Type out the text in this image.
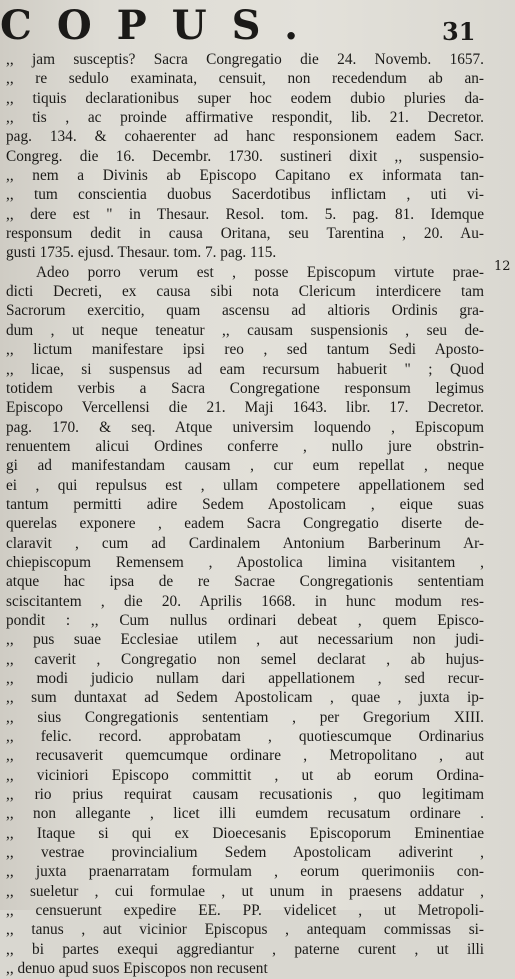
COPUS.	31
12
,, jam susceptis? Sacra Congregatio die 24. Novemb. 1657.
,, re sedulo examinata, censuit, non recedendum ab an-
,, tiquis declarationibus super hoc eodem dubio pluries da-
,, tis , ac proinde affirmative respondit, lib. 21. Decretor.
pag. 134. & cohaerenter ad hanc responsionem eadem Sacr.
Congreg. die 16. Decembr. 1730. sustineri dixit ,, suspensio-
,, nem a Divinis ab Episcopo Capitano ex informata tan-
,, tum conscientia duobus Sacerdotibus inflictam , uti vi-
,, dere est " in Thesaur. Resol. tom. 5. pag. 81. Idemque
responsum dedit in causa Oritana, seu Tarentina , 20. Au-
gusti 1735. ejusd. Thesaur. tom. 7. pag. 115.
Adeo porro verum est , posse Episcopum virtute prae-
dicti Decreti, ex causa sibi nota Clericum interdicere tam
Sacrorum exercitio, quam ascensu ad altioris Ordinis gra-
dum , ut neque teneatur ,, causam suspensionis , seu de-
,, lictum manifestare ipsi reo , sed tantum Sedi Aposto-
,, licae, si suspensus ad eam recursum habuerit " ; Quod
totidem verbis a Sacra Congregatione responsum legimus
Episcopo Vercellensi die 21. Maji 1643. libr. 17. Decretor.
pag. 170. & seq. Atque universim loquendo , Episcopum
renuentem alicui Ordines conferre , nullo jure obstrin-
gi ad manifestandam causam , cur eum repellat , neque
ei , qui repulsus est , ullam competere appellationem sed
tantum permitti adire Sedem Apostolicam , eique suas
querelas exponere , eadem Sacra Congregatio diserte de-
claravit , cum ad Cardinalem Antonium Barberinum Ar-
chiepiscopum Remensem , Apostolica limina visitantem ,
atque hac ipsa de re Sacrae Congregationis sententiam
sciscitantem , die 20. Aprilis 1668. in hunc modum res-
pondit : ,, Cum nullus ordinari debeat , quem Episco-
,, pus suae Ecclesiae utilem , aut necessarium non judi-
,, caverit , Congregatio non semel declarat , ab hujus-
,, modi judicio nullam dari appellationem , sed recur-
,, sum duntaxat ad Sedem Apostolicam , quae , juxta ip-
,, sius Congregationis sententiam , per Gregorium XIII.
,, felic. record. approbatam , quotiescumque Ordinarius
,, recusaverit quemcumque ordinare , Metropolitano , aut
,, viciniori Episcopo committit , ut ab eorum Ordina-
,, rio prius requirat causam recusationis , quo legitimam
,, non allegante , licet illi eumdem recusatum ordinare .
,, Itaque si qui ex Dioecesanis Episcoporum Eminentiae
,, vestrae provincialium Sedem Apostolicam adiverint ,
,, juxta praenarratam formulam , eorum querimoniis con-
,, sueletur , cui formulae , ut unum in praesens addatur ,
,, censuerunt expedire EE. PP. videlicet , ut Metropoli-
,, tanus , aut vicinior Episcopus , antequam commissas si-
,, bi partes exequi aggrediantur , paterne curent , ut illi
,, denuo apud suos Episcopos non recusent
